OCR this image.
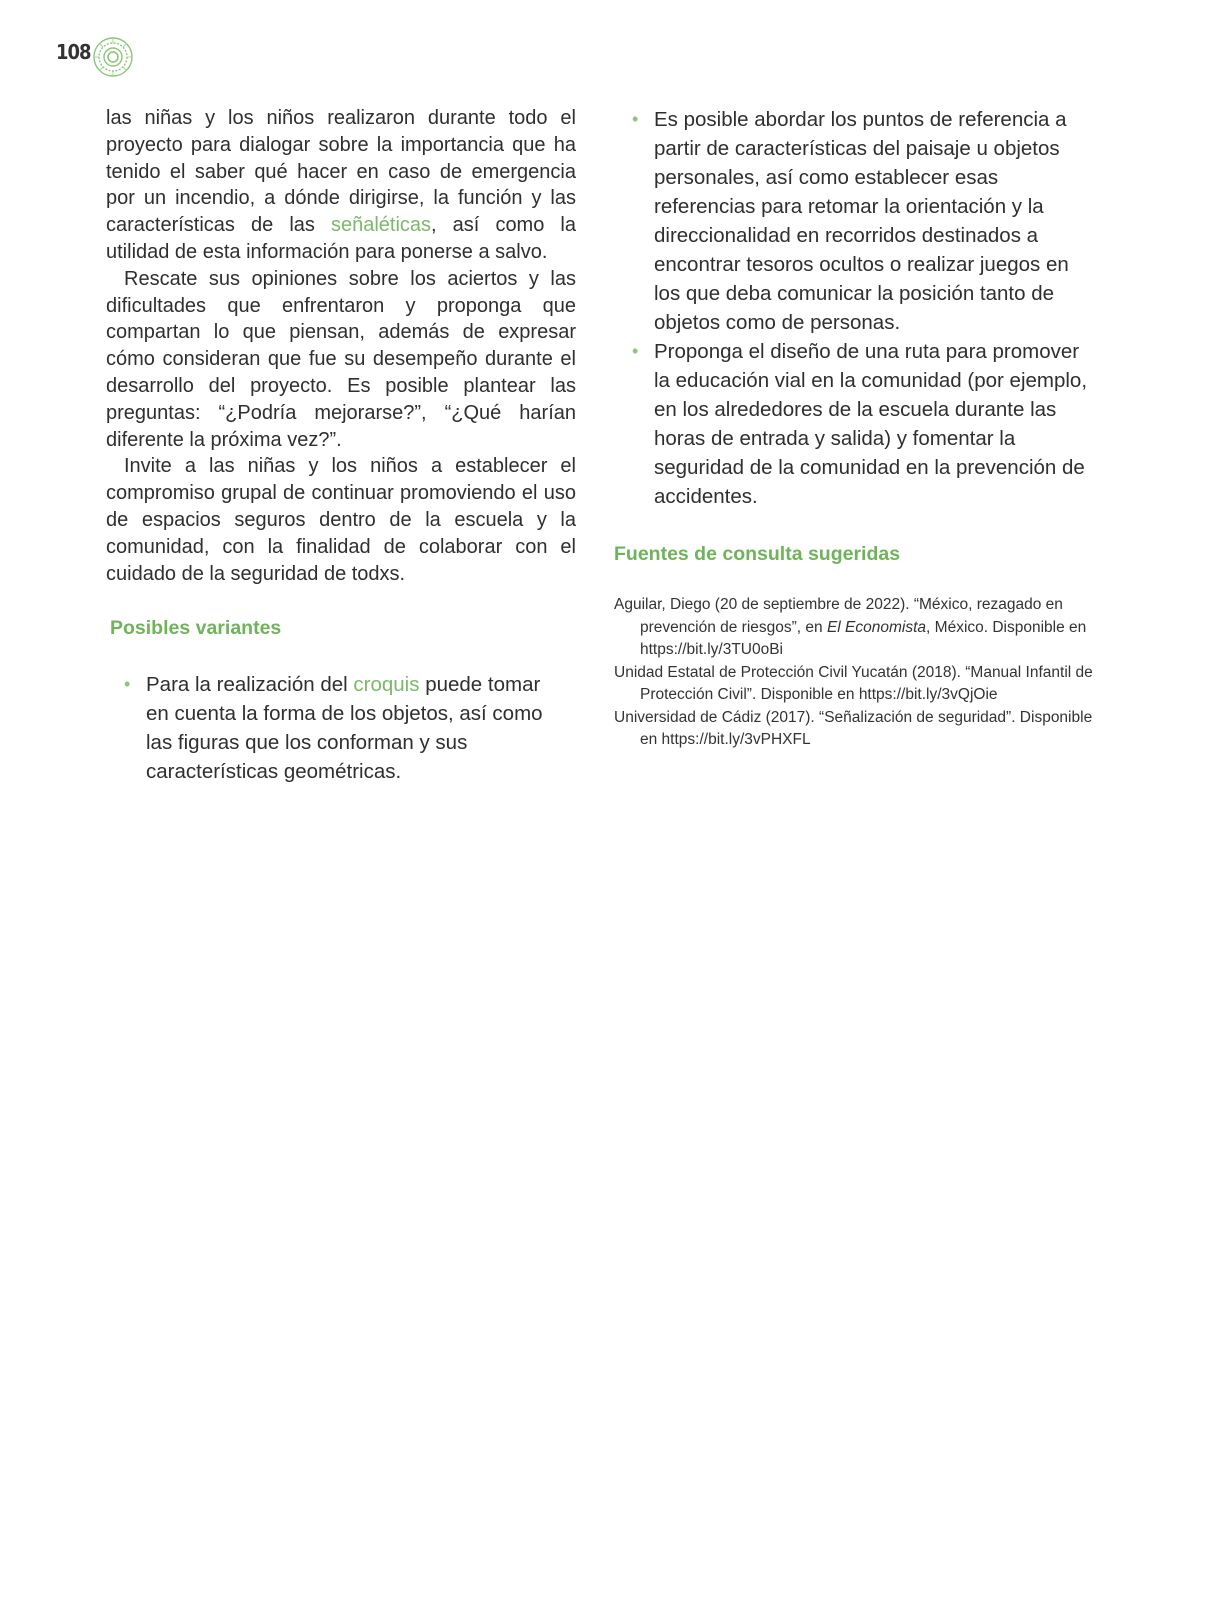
108

las niñas y los niños realizaron durante todo el proyecto para dialogar sobre la importancia que ha tenido el saber qué hacer en caso de emergencia por un incendio, a dónde dirigirse, la función y las características de las señaléticas, así como la utilidad de esta información para ponerse a salvo.

Rescate sus opiniones sobre los aciertos y las dificultades que enfrentaron y proponga que compartan lo que piensan, además de expresar cómo consideran que fue su desempeño durante el desarrollo del proyecto. Es posible plantear las preguntas: “¿Podría mejorarse?”, “¿Qué harían diferente la próxima vez?”.

Invite a las niñas y los niños a establecer el compromiso grupal de continuar promoviendo el uso de espacios seguros dentro de la escuela y la comunidad, con la finalidad de colaborar con el cuidado de la seguridad de todxs.

Posibles variantes
• Para la realización del croquis puede tomar en cuenta la forma de los objetos, así como las figuras que los conforman y sus características geométricas.
• Es posible abordar los puntos de referencia a partir de características del paisaje u objetos personales, así como establecer esas referencias para retomar la orientación y la direccionalidad en recorridos destinados a encontrar tesoros ocultos o realizar juegos en los que deba comunicar la posición tanto de objetos como de personas.
• Proponga el diseño de una ruta para promover la educación vial en la comunidad (por ejemplo, en los alrededores de la escuela durante las horas de entrada y salida) y fomentar la seguridad de la comunidad en la prevención de accidentes.
Fuentes de consulta sugeridas
Aguilar, Diego (20 de septiembre de 2022). “México, rezagado en prevención de riesgos”, en El Economista, México. Disponible en https://bit.ly/3TU0oBi
Unidad Estatal de Protección Civil Yucatán (2018). “Manual Infantil de Protección Civil”. Disponible en https://bit.ly/3vQjOie
Universidad de Cádiz (2017). “Señalización de seguridad”. Disponible en https://bit.ly/3vPHXFL
